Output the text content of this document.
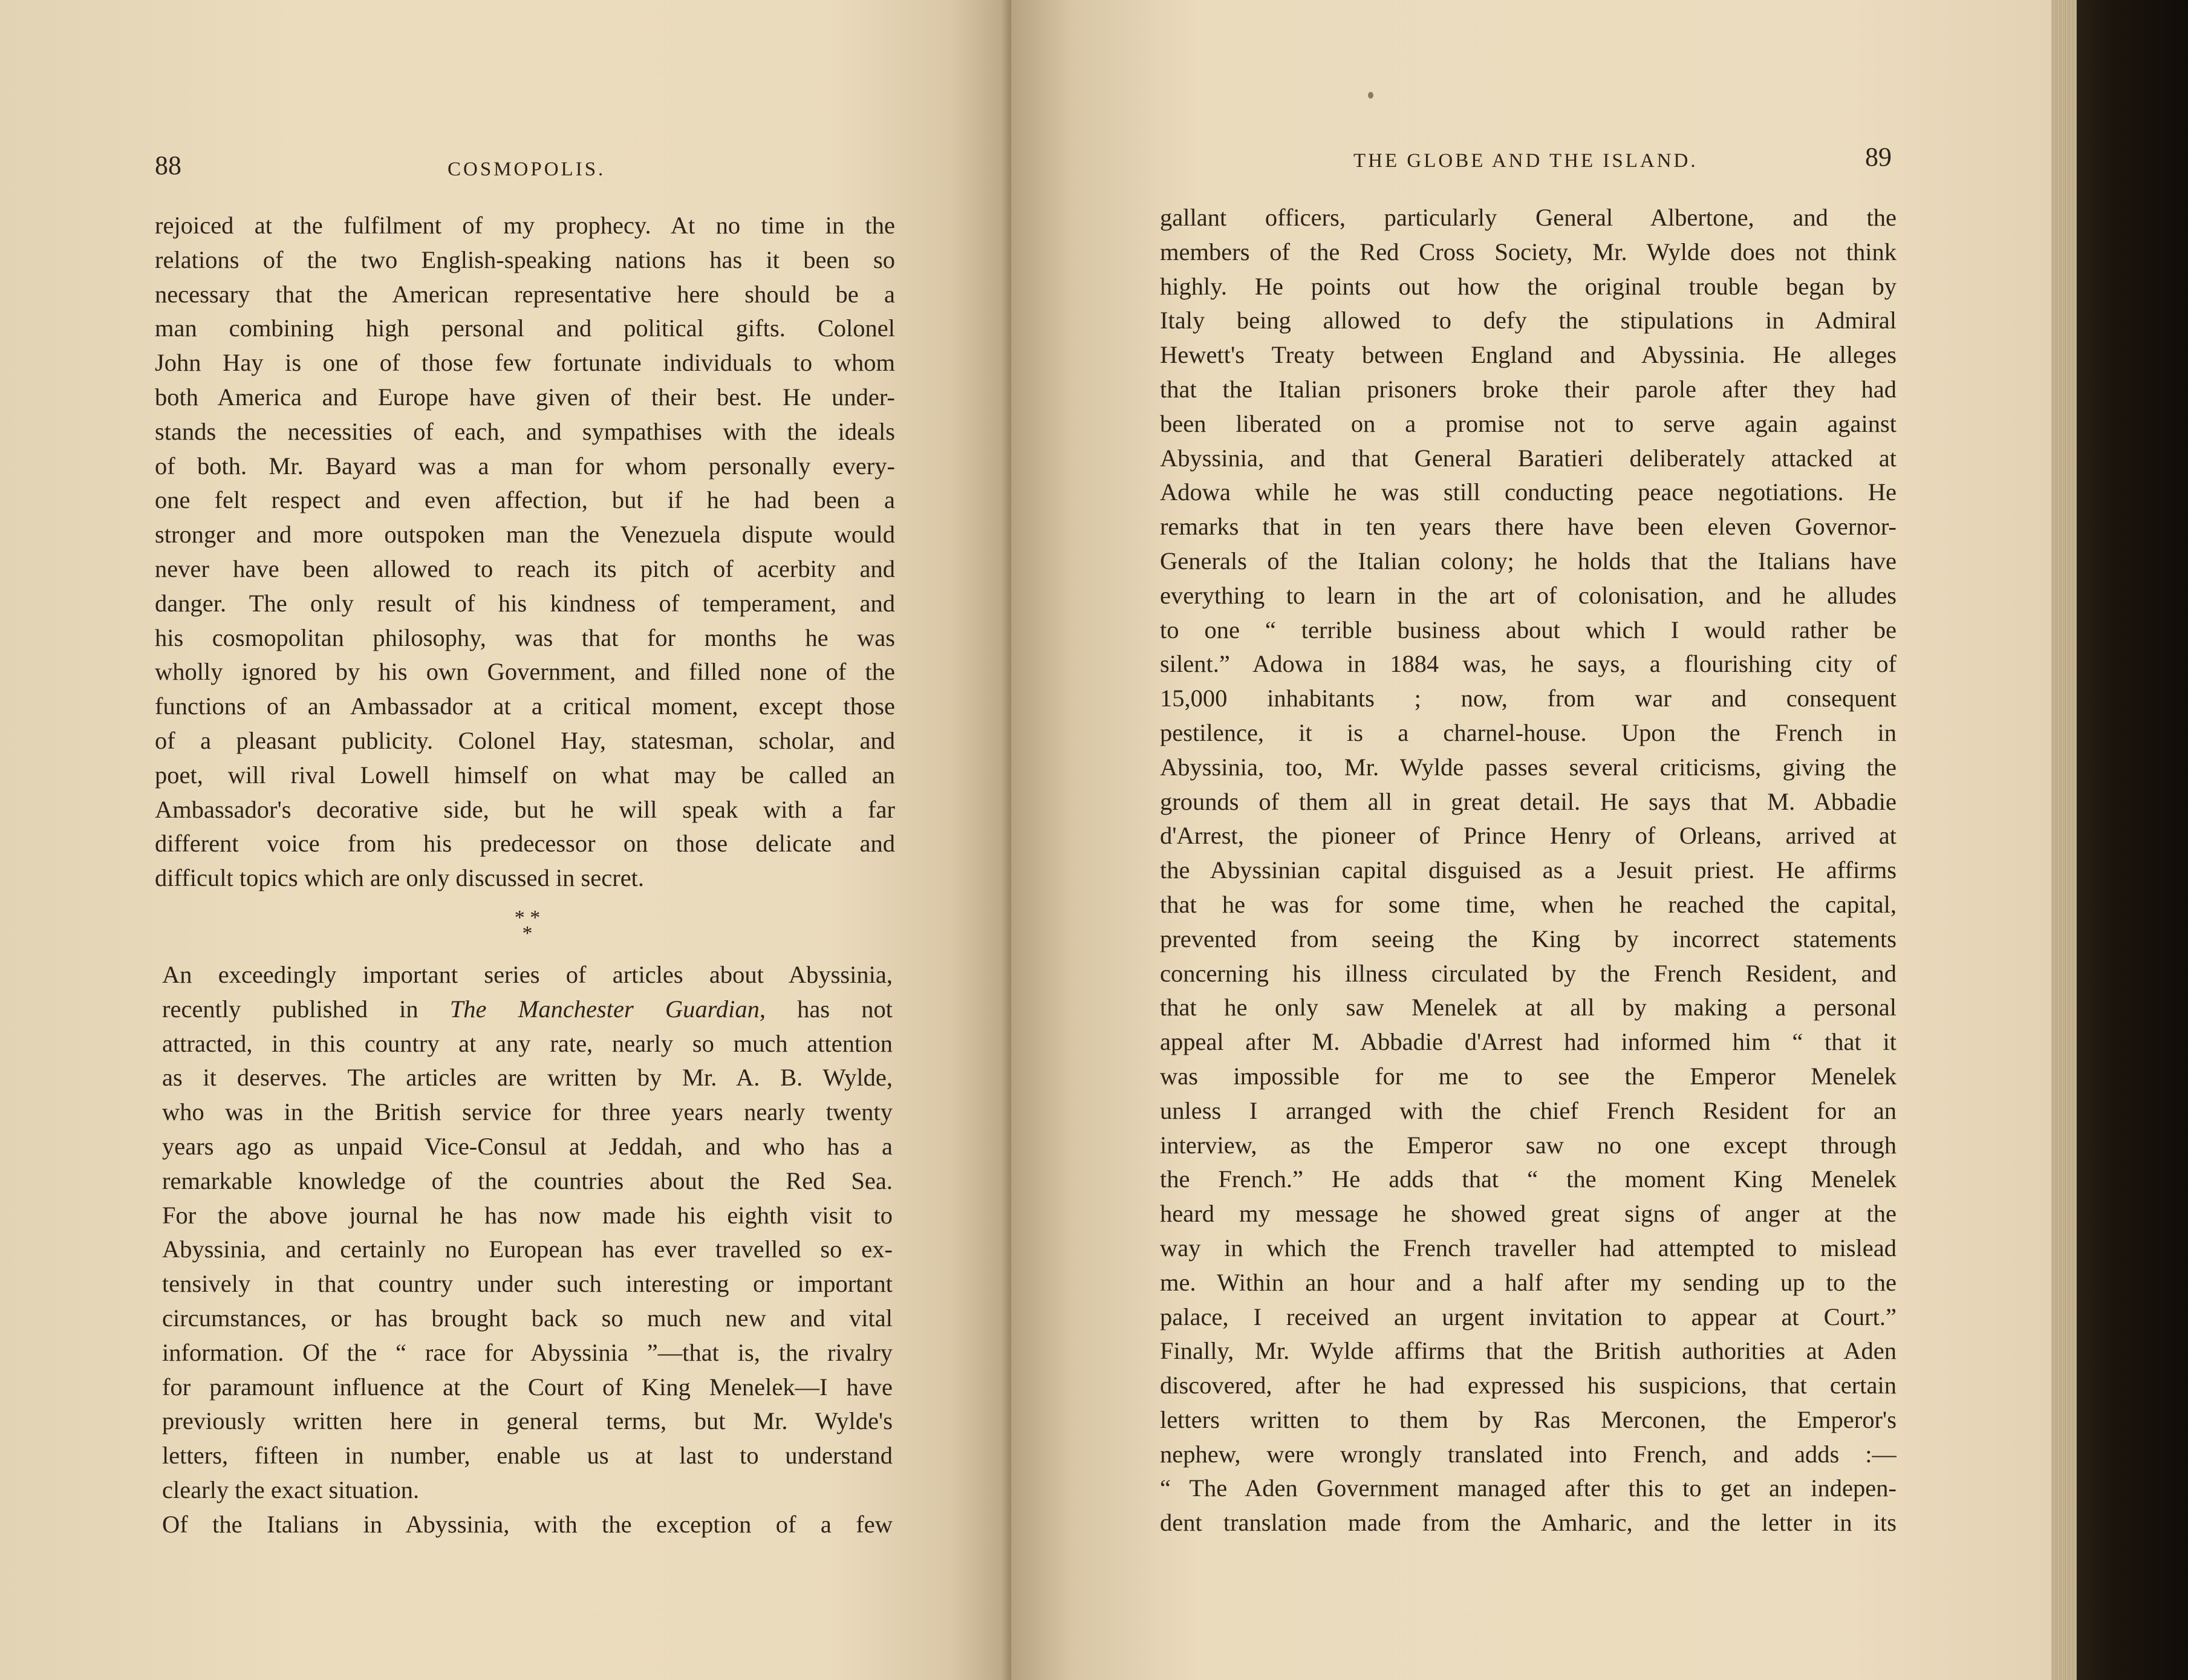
88	COSMOPOLIS.
rejoiced at the fulfilment of my prophecy. At no time in the
relations of the two English-speaking nations has it been so
necessary that the American representative here should be a
man combining high personal and political gifts. Colonel
John Hay is one of those few fortunate individuals to whom
both America and Europe have given of their best. He under-
stands the necessities of each, and sympathises with the ideals
of both. Mr. Bayard was a man for whom personally every-
one felt respect and even affection, but if he had been a
stronger and more outspoken man the Venezuela dispute would
never have been allowed to reach its pitch of acerbity and
danger. The only result of his kindness of temperament, and
his cosmopolitan philosophy, was that for months he was
wholly ignored by his own Government, and filled none of the
functions of an Ambassador at a critical moment, except those
of a pleasant publicity. Colonel Hay, statesman, scholar, and
poet, will rival Lowell himself on what may be called an
Ambassador's decorative side, but he will speak with a far
different voice from his predecessor on those delicate and
difficult topics which are only discussed in secret.
* *
*
An exceedingly important series of articles about Abyssinia,
recently published in The Manchester Guardian, has not
attracted, in this country at any rate, nearly so much attention
as it deserves. The articles are written by Mr. A. B. Wylde,
who was in the British service for three years nearly twenty
years ago as unpaid Vice-Consul at Jeddah, and who has a
remarkable knowledge of the countries about the Red Sea.
For the above journal he has now made his eighth visit to
Abyssinia, and certainly no European has ever travelled so ex-
tensively in that country under such interesting or important
circumstances, or has brought back so much new and vital
information. Of the “ race for Abyssinia ”—that is, the rivalry
for paramount influence at the Court of King Menelek—I have
previously written here in general terms, but Mr. Wylde's
letters, fifteen in number, enable us at last to understand
clearly the exact situation.
Of the Italians in Abyssinia, with the exception of a few
THE GLOBE AND THE ISLAND.	89
gallant officers, particularly General Albertone, and the
members of the Red Cross Society, Mr. Wylde does not think
highly. He points out how the original trouble began by
Italy being allowed to defy the stipulations in Admiral
Hewett's Treaty between England and Abyssinia. He alleges
that the Italian prisoners broke their parole after they had
been liberated on a promise not to serve again against
Abyssinia, and that General Baratieri deliberately attacked at
Adowa while he was still conducting peace negotiations. He
remarks that in ten years there have been eleven Governor-
Generals of the Italian colony; he holds that the Italians have
everything to learn in the art of colonisation, and he alludes
to one “ terrible business about which I would rather be
silent.” Adowa in 1884 was, he says, a flourishing city of
15,000 inhabitants ; now, from war and consequent
pestilence, it is a charnel-house. Upon the French in
Abyssinia, too, Mr. Wylde passes several criticisms, giving the
grounds of them all in great detail. He says that M. Abbadie
d'Arrest, the pioneer of Prince Henry of Orleans, arrived at
the Abyssinian capital disguised as a Jesuit priest. He affirms
that he was for some time, when he reached the capital,
prevented from seeing the King by incorrect statements
concerning his illness circulated by the French Resident, and
that he only saw Menelek at all by making a personal
appeal after M. Abbadie d'Arrest had informed him “ that it
was impossible for me to see the Emperor Menelek
unless I arranged with the chief French Resident for an
interview, as the Emperor saw no one except through
the French.” He adds that “ the moment King Menelek
heard my message he showed great signs of anger at the
way in which the French traveller had attempted to mislead
me. Within an hour and a half after my sending up to the
palace, I received an urgent invitation to appear at Court.”
Finally, Mr. Wylde affirms that the British authorities at Aden
discovered, after he had expressed his suspicions, that certain
letters written to them by Ras Merconen, the Emperor's
nephew, were wrongly translated into French, and adds :—
“ The Aden Government managed after this to get an indepen-
dent translation made from the Amharic, and the letter in its
